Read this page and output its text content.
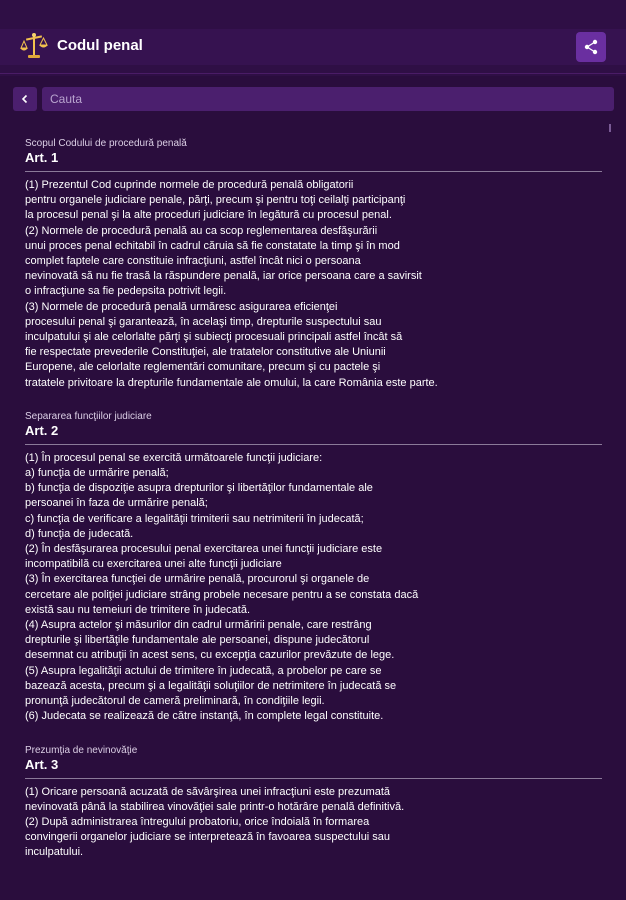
Codul penal
Cauta
Scopul Codului de procedură penală
Art. 1
(1) Prezentul Cod cuprinde normele de procedură penală obligatorii
pentru organele judiciare penale, părţi, precum şi pentru toţi ceilalţi participanţi
la procesul penal şi la alte proceduri judiciare în legătură cu procesul penal.
(2) Normele de procedură penală au ca scop reglementarea desfăşurării
unui proces penal echitabil în cadrul căruia să fie constatate la timp şi în mod
complet faptele care constituie infracţiuni, astfel încât nici o persoana
nevinovată să nu fie trasă la răspundere penală, iar orice persoana care a savirsit
o infracţiune sa fie pedepsita potrivit legii.
(3) Normele de procedură penală urmăresc asigurarea eficienţei
procesului penal şi garantează, în acelaşi timp, drepturile suspectului sau
inculpatului şi ale celorlalte părţi şi subiecţi procesuali principali astfel încât să
fie respectate prevederile Constituţiei, ale tratatelor constitutive ale Uniunii
Europene, ale celorlalte reglementări comunitare, precum şi cu pactele şi
tratatele privitoare la drepturile fundamentale ale omului, la care România este parte.
Separarea funcţiilor judiciare
Art. 2
(1) În procesul penal se exercită următoarele funcţii judiciare:
a) funcţia de urmărire penală;
b) funcţia de dispoziţie asupra drepturilor şi libertăţilor fundamentale ale
persoanei în faza de urmărire penală;
c) funcţia de verificare a legalităţii trimiterii sau netrimiterii în judecată;
d) funcţia de judecată.
(2) În desfăşurarea procesului penal exercitarea unei funcţii judiciare este
incompatibilă cu exercitarea unei alte funcţii judiciare
(3) În exercitarea funcţiei de urmărire penală, procurorul şi organele de
cercetare ale poliţiei judiciare strâng probele necesare pentru a se constata dacă
există sau nu temeiuri de trimitere în judecată.
(4) Asupra actelor şi măsurilor din cadrul urmăririi penale, care restrâng
drepturile şi libertăţile fundamentale ale persoanei, dispune judecătorul
desemnat cu atribuţii în acest sens, cu excepţia cazurilor prevăzute de lege.
(5) Asupra legalităţii actului de trimitere în judecată, a probelor pe care se
bazează acesta, precum şi a legalităţii soluţiilor de netrimitere în judecată se
pronunţă judecătorul de cameră preliminară, în condiţiile legii.
(6) Judecata se realizează de către instanţă, în complete legal constituite.
Prezumţia de nevinovăţie
Art. 3
(1) Oricare persoană acuzată de săvârşirea unei infracţiuni este prezumată
nevinovată până la stabilirea vinovăţiei sale printr-o hotărâre penală definitivă.
(2) După administrarea întregului probatoriu, orice îndoială în formarea
convingerii organelor judiciare se interpretează în favoarea suspectului sau
inculpatului.
